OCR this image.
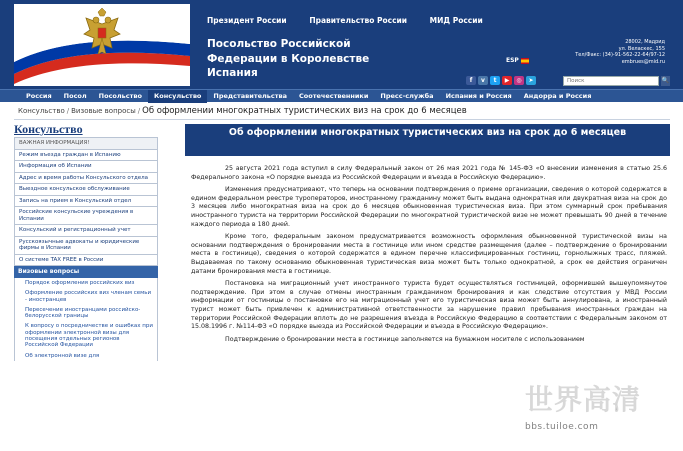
Президент России	Правительство России	МИД России
Посольство Российской Федерации в Королевстве Испания
28002, Мадрид
ул. Веласкес, 155
Тел/Факс: (34)-91-562-22-64/97-12
embrues@mid.ru
ESP
f	v	t	▶	◎	➤	Поиск	🔍
Россия	Посол	Посольство	Консульство	Представительства	Соотечественники	Пресс-служба	Испания и Россия	Андорра и Россия
Консульство / Визовые вопросы / Об оформлении многократных туристических виз на срок до 6 месяцев
Консульство
ВАЖНАЯ ИНФОРМАЦИЯ!
Режим въезда граждан в Испанию
Информация об Испании
Адрес и время работы Консульского отдела
Выездное консульское обслуживание
Запись на прием в Консульский отдел
Российские консульские учреждения в Испании
Консульский и регистрационный учет
Русскоязычные адвокаты и юридические фирмы в Испании
О системе TAX FREE в России
Визовые вопросы
Порядок оформления российских виз
Оформление российских виз членам семьи - иностранцев
Пересечение иностранцами российско-белорусской границы
К вопросу о посредничестве и ошибках при оформлении электронной визы для посещения отдельных регионов Российской Федерации
Об электронной визе для
Об оформлении многократных туристических виз на срок до 6 месяцев

25 августа 2021 года вступил в силу Федеральный закон от 26 мая 2021 года № 145-ФЗ «О внесении изменения в статью 25.6 Федерального закона «О порядке выезда из Российской Федерации и въезда в Российскую Федерацию».

Изменения предусматривают, что теперь на основании подтверждения о приеме организации, сведения о которой содержатся в едином федеральном реестре туроператоров, иностранному гражданину может быть выдана однократная или двукратная виза на срок до 3 месяцев либо многократная виза на срок до 6 месяцев обыкновенная туристическая виза. При этом суммарный срок пребывания иностранного туриста на территории Российской Федерации по многократной туристической визе не может превышать 90 дней в течение каждого периода в 180 дней.

Кроме того, федеральным законом предусматривается возможность оформления обыкновенной туристической визы на основании подтверждения о бронировании места в гостинице или ином средстве размещения (далее – подтверждение о бронировании места в гостинице), сведения о которой содержатся в едином перечне классифицированных гостиниц, горнолыжных трасс, пляжей. Выдаваемая по такому основанию обыкновенная туристическая виза может быть только однократной, а срок ее действия ограничен датами бронирования места в гостинице.

Постановка на миграционный учет иностранного туриста будет осуществляться гостиницей, оформившей вышеупомянутое подтверждение. При этом в случае отмены иностранным гражданином бронирования и как следствие отсутствия у МВД России информации от гостиницы о постановке его на миграционный учет его туристическая виза может быть аннулирована, а иностранный турист может быть привлечен к административной ответственности за нарушение правил пребывания иностранных граждан на территории Российской Федерации вплоть до не разрешения въезда в Российскую Федерацию в соответствии с Федеральным законом от 15.08.1996 г. №114-ФЗ «О порядке выезда из Российской Федерации и въезда в Российскую Федерацию».

Подтверждение о бронировании места в гостинице заполняется на бумажном носителе с использованием

世界高清
bbs.tuiloe.com
